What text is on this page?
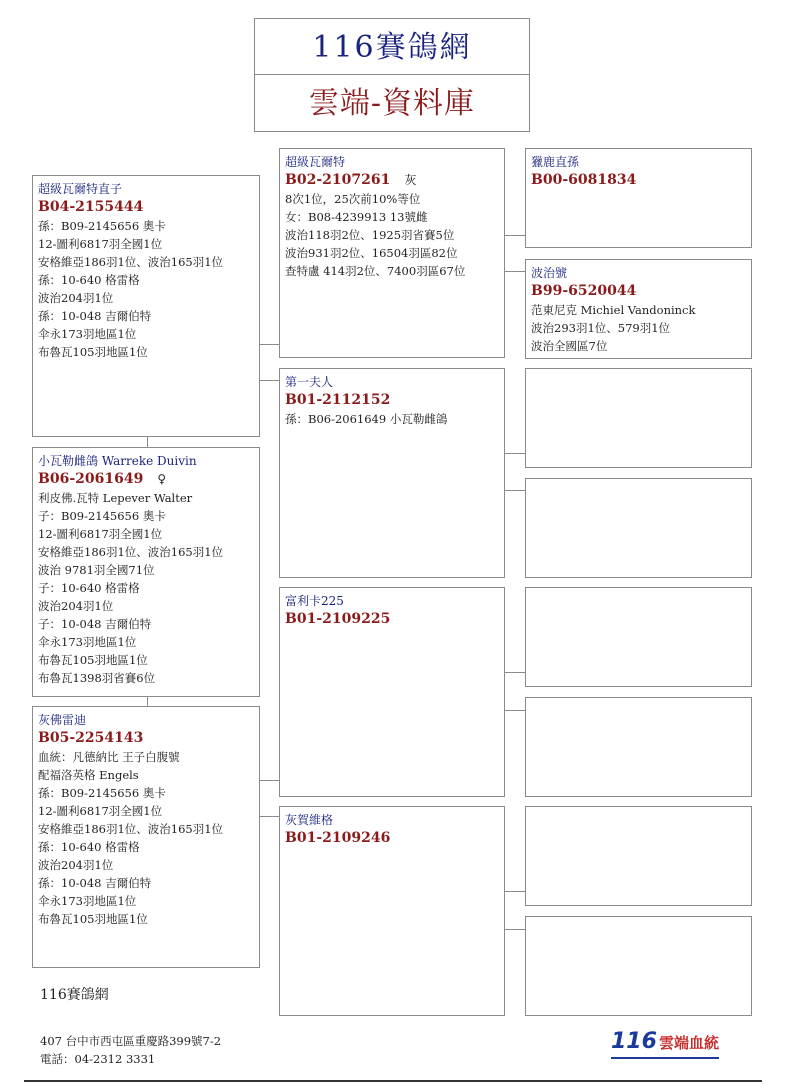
116賽鴿網
雲端-資料庫
超級瓦爾特直子
B04-2155444
孫：B09-2145656 奧卡
12-圖利6817羽全國1位
安格維亞186羽1位、波治165羽1位
孫：10-640 格雷格
波治204羽1位
孫：10-048 吉爾伯特
伞永173羽地區1位
布魯瓦105羽地區1位
小瓦勒雌鴿 Warreke Duivin
B06-2061649 ♀
利皮佛.瓦特 Lepever Walter
子：B09-2145656 奧卡
12-圖利6817羽全國1位
安格維亞186羽1位、波治165羽1位
波治 9781羽全國71位
子：10-640 格雷格
波治204羽1位
子：10-048 吉爾伯特
伞永173羽地區1位
布魯瓦105羽地區1位
布魯瓦1398羽省賽6位
灰佛雷迪
B05-2254143
血統：凡德納比 王子白腹號
配福洛英格 Engels
孫：B09-2145656 奧卡
12-圖利6817羽全國1位
安格維亞186羽1位、波治165羽1位
孫：10-640 格雷格
波治204羽1位
孫：10-048 吉爾伯特
伞永173羽地區1位
布魯瓦105羽地區1位
超級瓦爾特
B02-2107261 灰
8次1位，25次前10%等位
女：B08-4239913 13號雌
波治118羽2位、1925羽省賽5位
波治931羽2位、16504羽區82位
查特盧 414羽2位、7400羽區67位
第一夫人
B01-2112152
孫：B06-2061649 小瓦勒雌鴿
富利卡225
B01-2109225
灰賀維格
B01-2109246
獵鹿直孫
B00-6081834
波治號
B99-6520044
范東尼克 Michiel Vandoninck
波治293羽1位、579羽1位
波治全國區7位
116賽鴿網
407 台中市西屯區重慶路399號7-2
電話：04-2312 3331
116 雲端血統
